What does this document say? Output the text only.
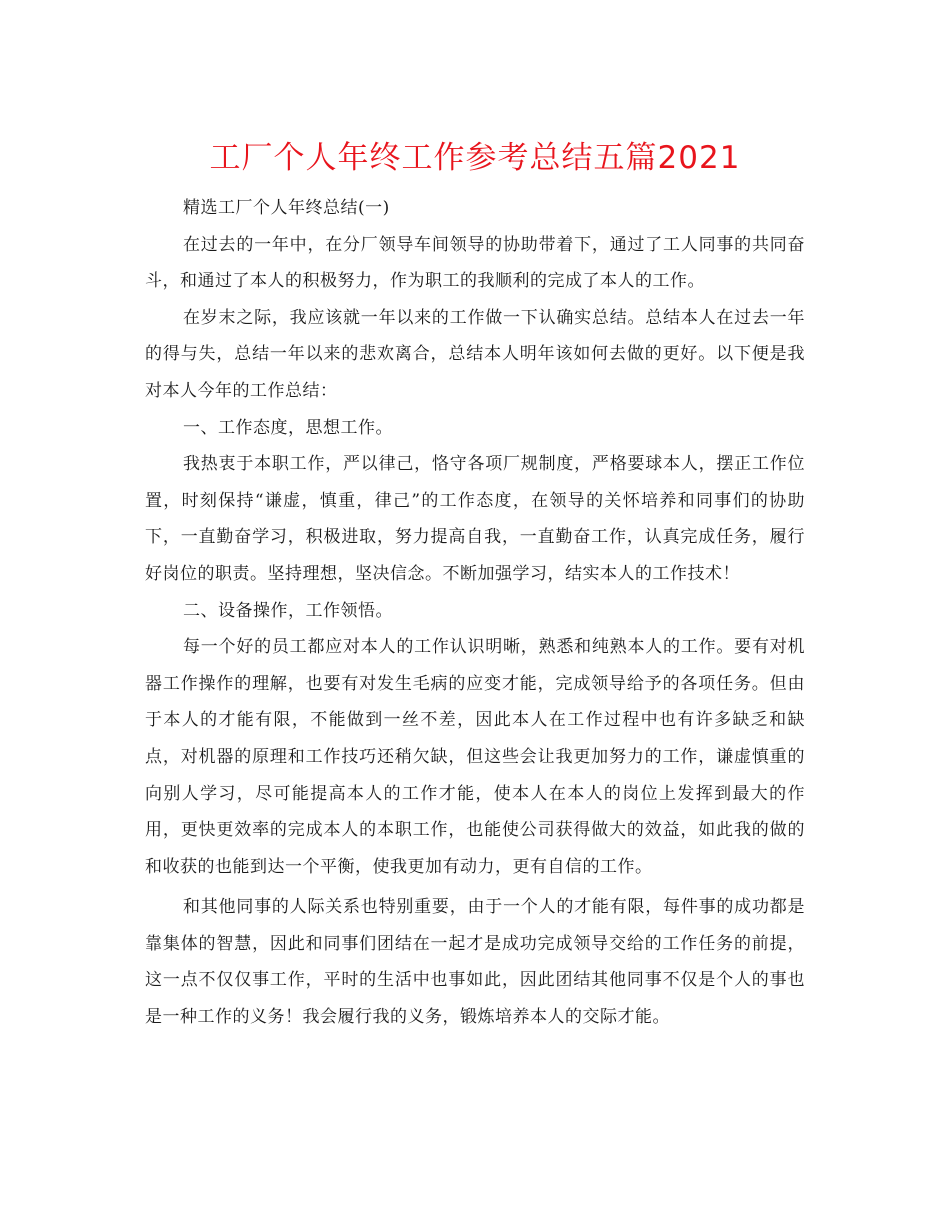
工厂个人年终工作参考总结五篇2021

精选工厂个人年终总结(一)

在过去的一年中，在分厂领导车间领导的协助带着下，通过了工人同事的共同奋斗，和通过了本人的积极努力，作为职工的我顺利的完成了本人的工作。

在岁末之际，我应该就一年以来的工作做一下认确实总结。总结本人在过去一年的得与失，总结一年以来的悲欢离合，总结本人明年该如何去做的更好。以下便是我对本人今年的工作总结：

一、工作态度，思想工作。

我热衷于本职工作，严以律己，恪守各项厂规制度，严格要球本人，摆正工作位置，时刻保持“谦虚，慎重，律己”的工作态度，在领导的关怀培养和同事们的协助下，一直勤奋学习，积极进取，努力提高自我，一直勤奋工作，认真完成任务，履行好岗位的职责。坚持理想，坚决信念。不断加强学习，结实本人的工作技术！

二、设备操作，工作领悟。

每一个好的员工都应对本人的工作认识明晰，熟悉和纯熟本人的工作。要有对机器工作操作的理解，也要有对发生毛病的应变才能，完成领导给予的各项任务。但由于本人的才能有限，不能做到一丝不差，因此本人在工作过程中也有许多缺乏和缺点，对机器的原理和工作技巧还稍欠缺，但这些会让我更加努力的工作，谦虚慎重的向别人学习，尽可能提高本人的工作才能，使本人在本人的岗位上发挥到最大的作用，更快更效率的完成本人的本职工作，也能使公司获得做大的效益，如此我的做的和收获的也能到达一个平衡，使我更加有动力，更有自信的工作。

和其他同事的人际关系也特别重要，由于一个人的才能有限，每件事的成功都是靠集体的智慧，因此和同事们团结在一起才是成功完成领导交给的工作任务的前提，这一点不仅仅事工作，平时的生活中也事如此，因此团结其他同事不仅是个人的事也是一种工作的义务！我会履行我的义务，锻炼培养本人的交际才能。
